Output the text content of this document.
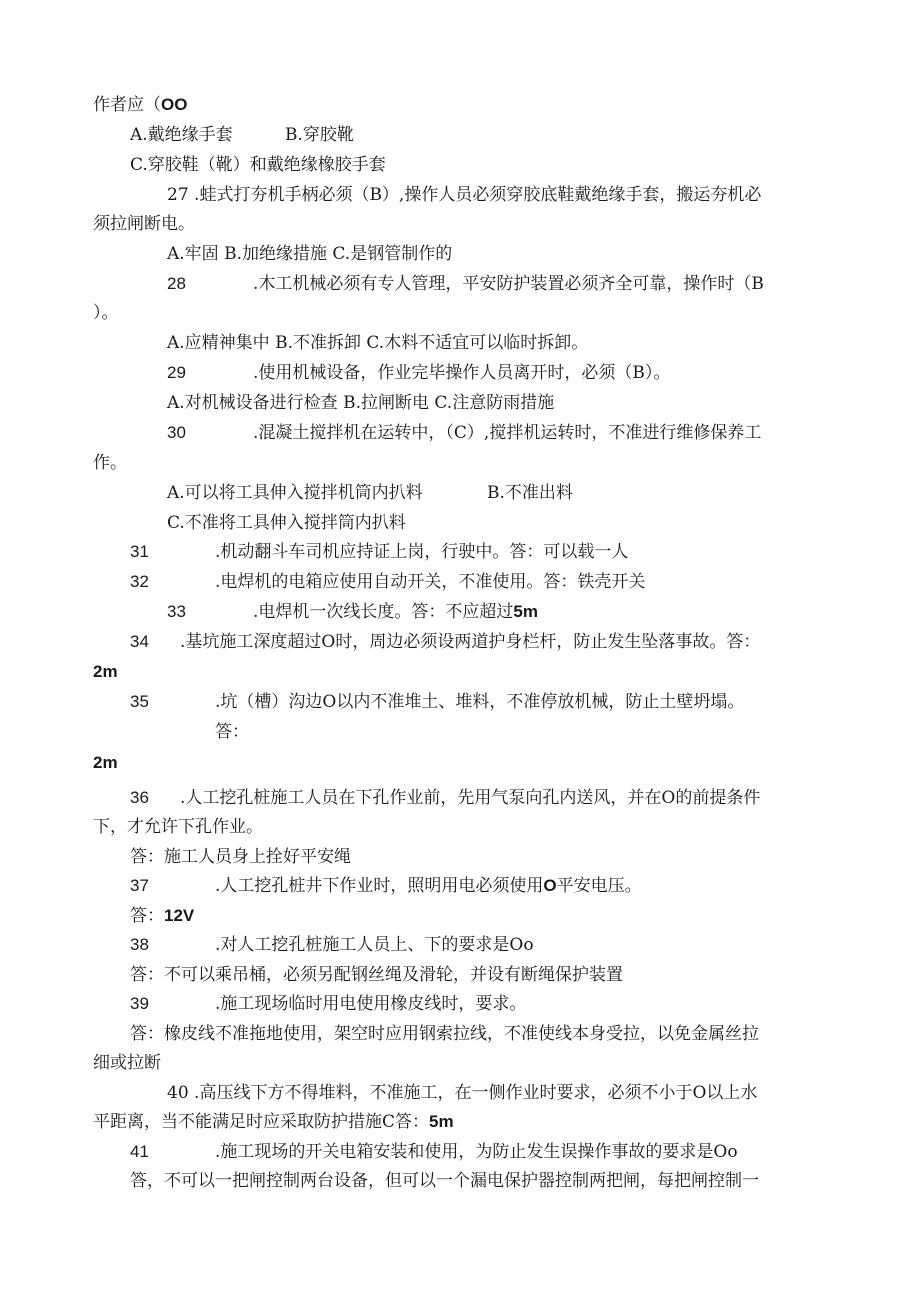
作者应（OO
A.戴绝缘手套	B.穿胶靴
C.穿胶鞋（靴）和戴绝缘橡胶手套
27 .蛙式打夯机手柄必须（B）,操作人员必须穿胶底鞋戴绝缘手套，搬运夯机必
须拉闸断电。
A.牢固 B.加绝缘措施 C.是钢管制作的
28	.木工机械必须有专人管理，平安防护装置必须齐全可靠，操作时（B
）。
A.应精神集中 B.不准拆卸 C.木料不适宜可以临时拆卸。
29	.使用机械设备，作业完毕操作人员离开时，必须（B）。
A.对机械设备进行检查 B.拉闸断电 C.注意防雨措施
30	.混凝土搅拌机在运转中，（C）,搅拌机运转时，不准进行维修保养工
作。
A.可以将工具伸入搅拌机筒内扒料	B.不准出料
C.不准将工具伸入搅拌筒内扒料
31	.机动翻斗车司机应持证上岗，行驶中。答：可以载一人
32	.电焊机的电箱应使用自动开关，不准使用。答：铁壳开关
33	.电焊机一次线长度。答：不应超过5m
34 .基坑施工深度超过O时，周边必须设两道护身栏杆，防止发生坠落事故。答：
2m
35	.坑（槽）沟边O以内不准堆土、堆料，不准停放机械，防止土壁坍塌。
答：
2m
36 .人工挖孔桩施工人员在下孔作业前，先用气泵向孔内送风，并在O的前提条件
下，才允许下孔作业。
答：施工人员身上拴好平安绳
37	.人工挖孔桩井下作业时，照明用电必须使用O平安电压。
答：12V
38	.对人工挖孔桩施工人员上、下的要求是Oo
答：不可以乘吊桶，必须另配钢丝绳及滑轮，并设有断绳保护装置
39	.施工现场临时用电使用橡皮线时，要求。
答：橡皮线不准拖地使用，架空时应用钢索拉线，不准使线本身受拉，以免金属丝拉
细或拉断
40 .高压线下方不得堆料，不准施工，在一侧作业时要求，必须不小于O以上水
平距离，当不能满足时应采取防护措施C答：5m
41	.施工现场的开关电箱安装和使用，为防止发生误操作事故的要求是Oo
答，不可以一把闸控制两台设备，但可以一个漏电保护器控制两把闸，每把闸控制一
